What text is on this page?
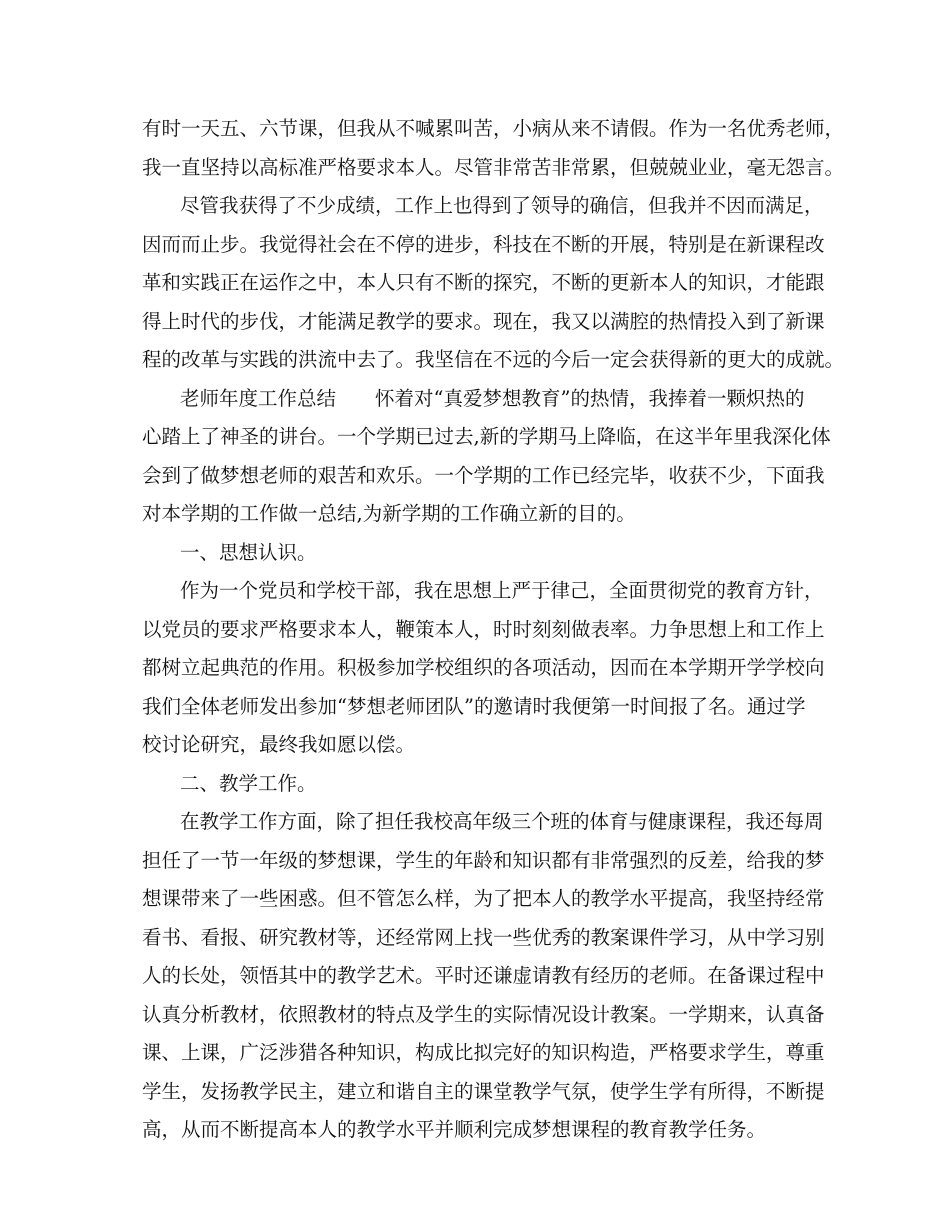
有时一天五、六节课，但我从不喊累叫苦，小病从来不请假。作为一名优秀老师，
我一直坚持以高标准严格要求本人。尽管非常苦非常累，但兢兢业业，毫无怨言。
尽管我获得了不少成绩，工作上也得到了领导的确信，但我并不因而满足，
因而而止步。我觉得社会在不停的进步，科技在不断的开展，特别是在新课程改
革和实践正在运作之中，本人只有不断的探究，不断的更新本人的知识，才能跟
得上时代的步伐，才能满足教学的要求。现在，我又以满腔的热情投入到了新课
程的改革与实践的洪流中去了。我坚信在不远的今后一定会获得新的更大的成就。
老师年度工作总结　　怀着对“真爱梦想教育”的热情，我捧着一颗炽热的
心踏上了神圣的讲台。一个学期已过去,新的学期马上降临，在这半年里我深化体
会到了做梦想老师的艰苦和欢乐。一个学期的工作已经完毕，收获不少，下面我
对本学期的工作做一总结,为新学期的工作确立新的目的。
一、思想认识。
作为一个党员和学校干部，我在思想上严于律己，全面贯彻党的教育方针，
以党员的要求严格要求本人，鞭策本人，时时刻刻做表率。力争思想上和工作上
都树立起典范的作用。积极参加学校组织的各项活动，因而在本学期开学学校向
我们全体老师发出参加“梦想老师团队”的邀请时我便第一时间报了名。通过学
校讨论研究，最终我如愿以偿。
二、教学工作。
在教学工作方面，除了担任我校高年级三个班的体育与健康课程，我还每周
担任了一节一年级的梦想课，学生的年龄和知识都有非常强烈的反差，给我的梦
想课带来了一些困惑。但不管怎么样，为了把本人的教学水平提高，我坚持经常
看书、看报、研究教材等，还经常网上找一些优秀的教案课件学习，从中学习别
人的长处，领悟其中的教学艺术。平时还谦虚请教有经历的老师。在备课过程中
认真分析教材，依照教材的特点及学生的实际情况设计教案。一学期来，认真备
课、上课，广泛涉猎各种知识，构成比拟完好的知识构造，严格要求学生，尊重
学生，发扬教学民主，建立和谐自主的课堂教学气氛，使学生学有所得，不断提
高，从而不断提高本人的教学水平并顺利完成梦想课程的教育教学任务。
